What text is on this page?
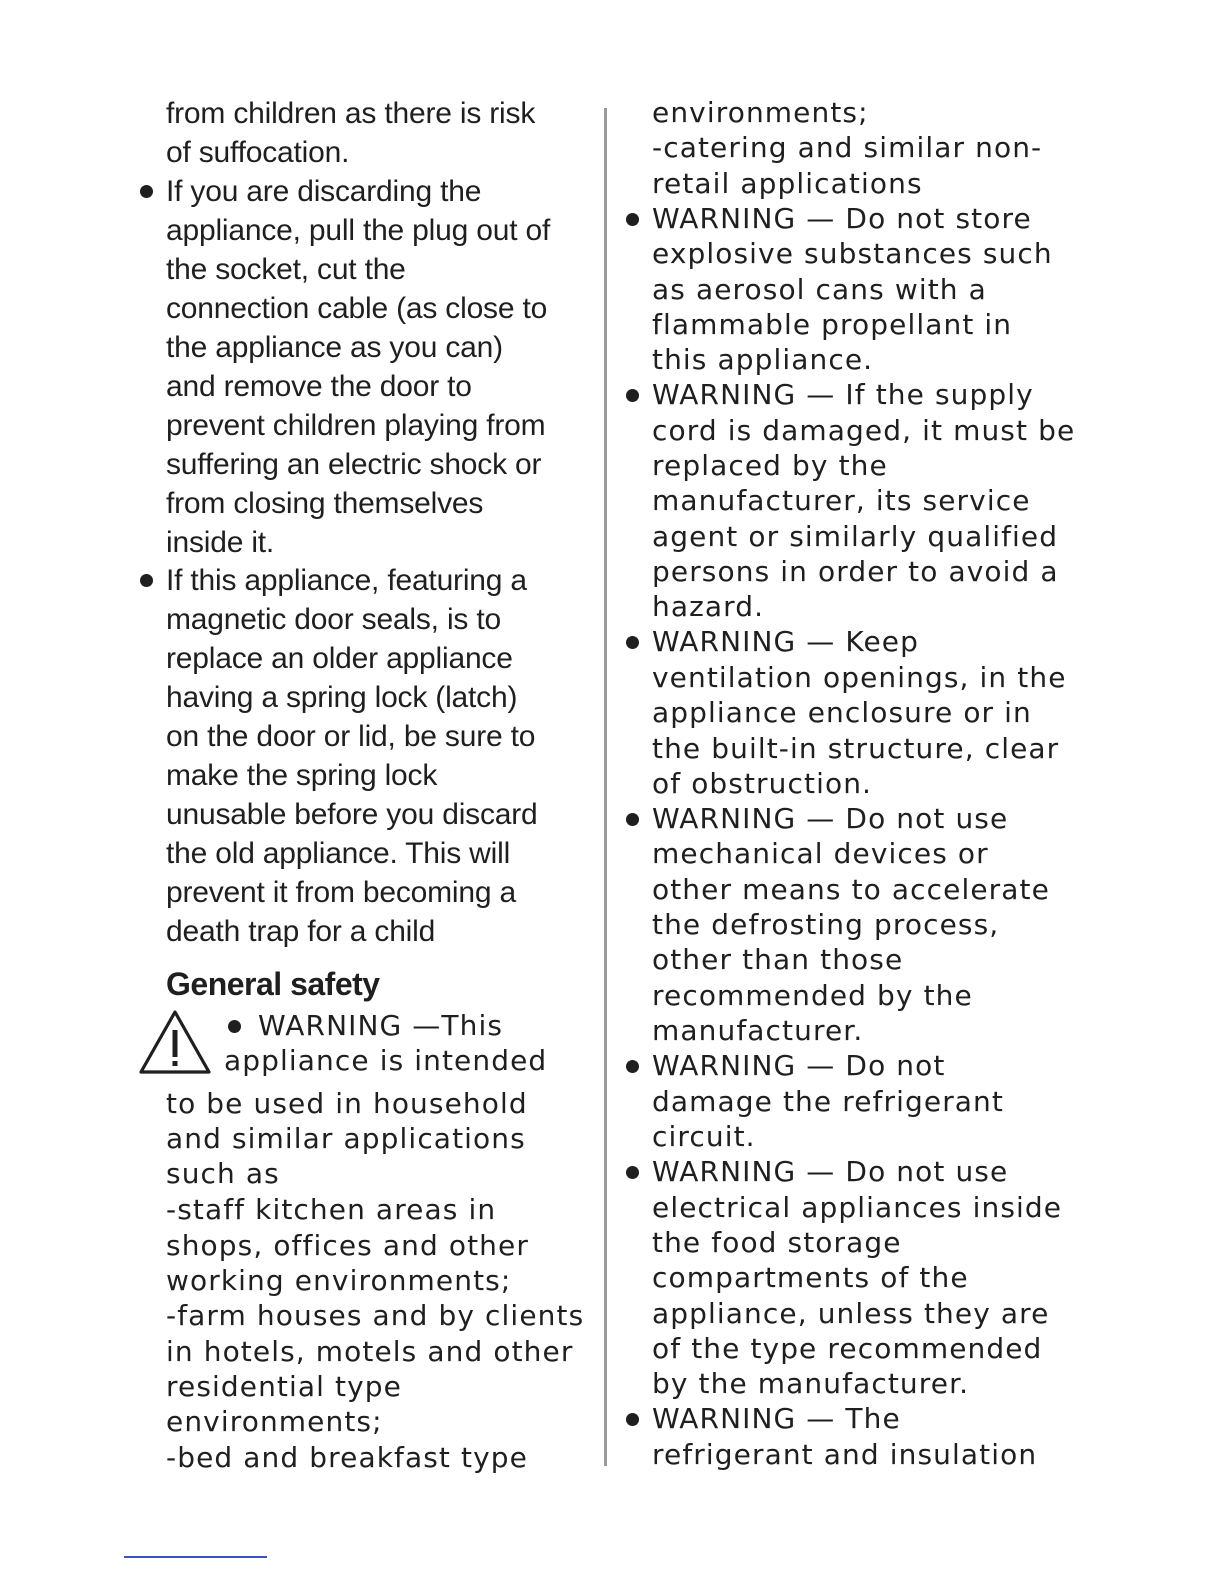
from children as there is risk
of suffocation.
If you are discarding the
appliance, pull the plug out of
the socket, cut the
connection cable (as close to
the appliance as you can)
and remove the door to
prevent children playing from
suffering an electric shock or
from closing themselves
inside it.
If this appliance, featuring a
magnetic door seals, is to
replace an older appliance
having a spring lock (latch)
on the door or lid, be sure to
make the spring lock
unusable before you discard
the old appliance. This will
prevent it from becoming a
death trap for a child
General safety
WARNING —This
appliance is intended
to be used in household
and similar applications
such as
-staff kitchen areas in
shops, offices and other
working environments;
-farm houses and by clients
in hotels, motels and other
residential type
environments;
-bed and breakfast type
environments;
-catering and similar non-
retail applications
WARNING — Do not store
explosive substances such
as aerosol cans with a
flammable propellant in
this appliance.
WARNING — If the supply
cord is damaged, it must be
replaced by the
manufacturer, its service
agent or similarly qualified
persons in order to avoid a
hazard.
WARNING — Keep
ventilation openings, in the
appliance enclosure or in
the built-in structure, clear
of obstruction.
WARNING — Do not use
mechanical devices or
other means to accelerate
the defrosting process,
other than those
recommended by the
manufacturer.
WARNING — Do not
damage the refrigerant
circuit.
WARNING — Do not use
electrical appliances inside
the food storage
compartments of the
appliance, unless they are
of the type recommended
by the manufacturer.
WARNING — The
refrigerant and insulation
